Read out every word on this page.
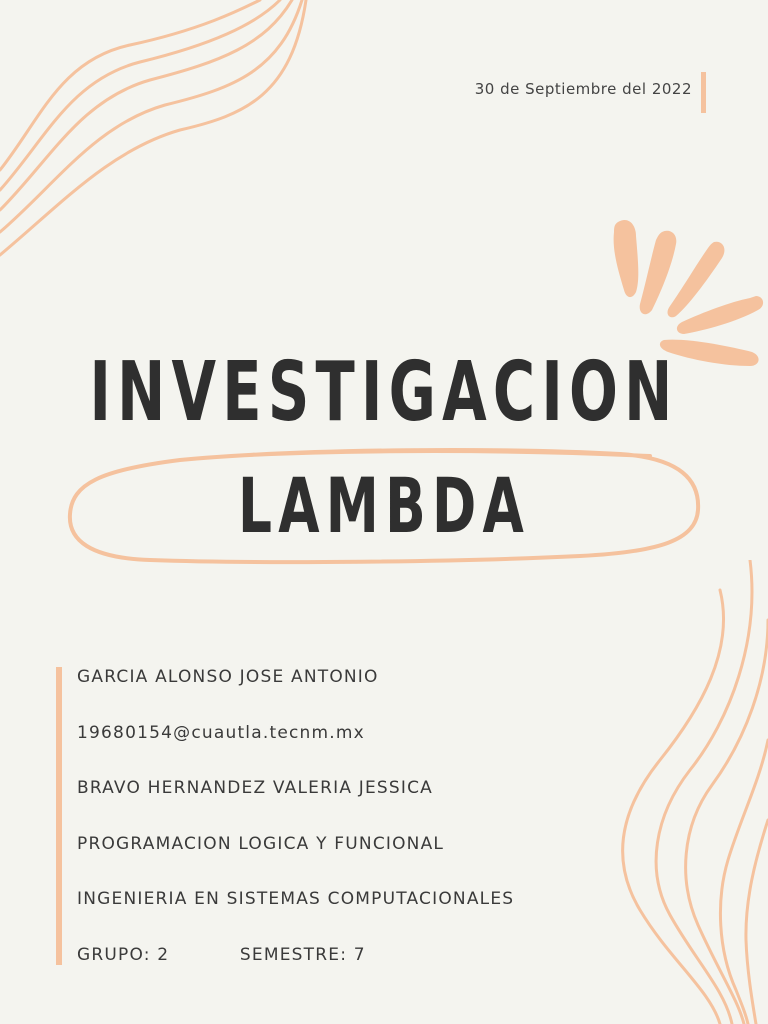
30 de Septiembre del 2022
INVESTIGACION
LAMBDA
GARCIA ALONSO JOSE ANTONIO
19680154@cuautla.tecnm.mx
BRAVO HERNANDEZ VALERIA JESSICA
PROGRAMACION LOGICA Y FUNCIONAL
INGENIERIA EN SISTEMAS COMPUTACIONALES
GRUPO: 2	SEMESTRE: 7
